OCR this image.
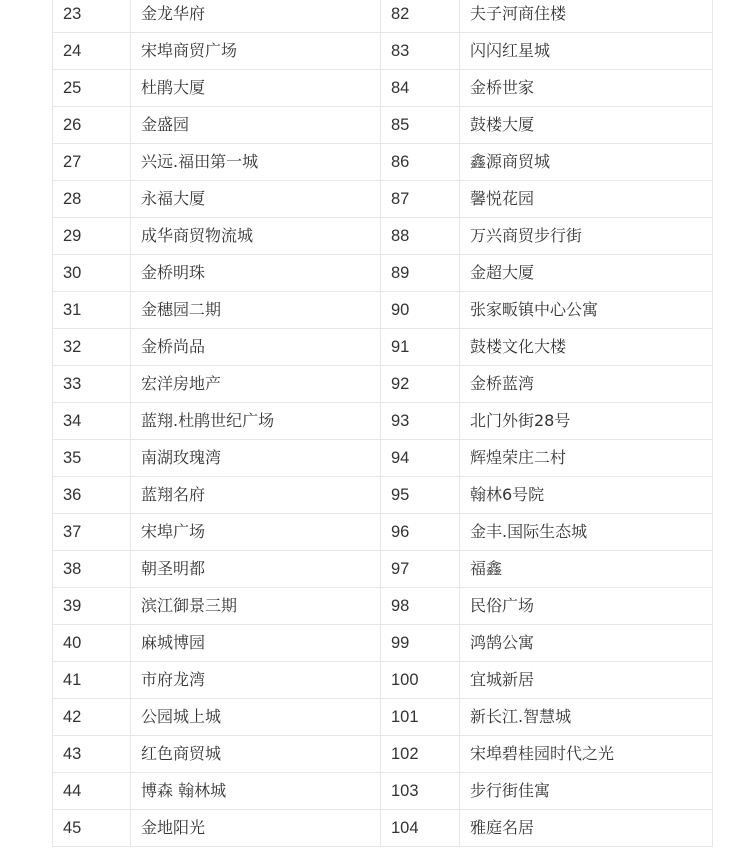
23	金龙华府	82	夫子河商住楼
24	宋埠商贸广场	83	闪闪红星城
25	杜鹃大厦	84	金桥世家
26	金盛园	85	鼓楼大厦
27	兴远.福田第一城	86	鑫源商贸城
28	永福大厦	87	馨悦花园
29	成华商贸物流城	88	万兴商贸步行街
30	金桥明珠	89	金超大厦
31	金穗园二期	90	张家畈镇中心公寓
32	金桥尚品	91	鼓楼文化大楼
33	宏洋房地产	92	金桥蓝湾
34	蓝翔.杜鹃世纪广场	93	北门外街28号
35	南湖玫瑰湾	94	辉煌荣庄二村
36	蓝翔名府	95	翰林6号院
37	宋埠广场	96	金丰.国际生态城
38	朝圣明都	97	福鑫
39	滨江御景三期	98	民俗广场
40	麻城博园	99	鸿鹄公寓
41	市府龙湾	100	宜城新居
42	公园城上城	101	新长江.智慧城
43	红色商贸城	102	宋埠碧桂园时代之光
44	博森 翰林城	103	步行街佳寓
45	金地阳光	104	雅庭名居
